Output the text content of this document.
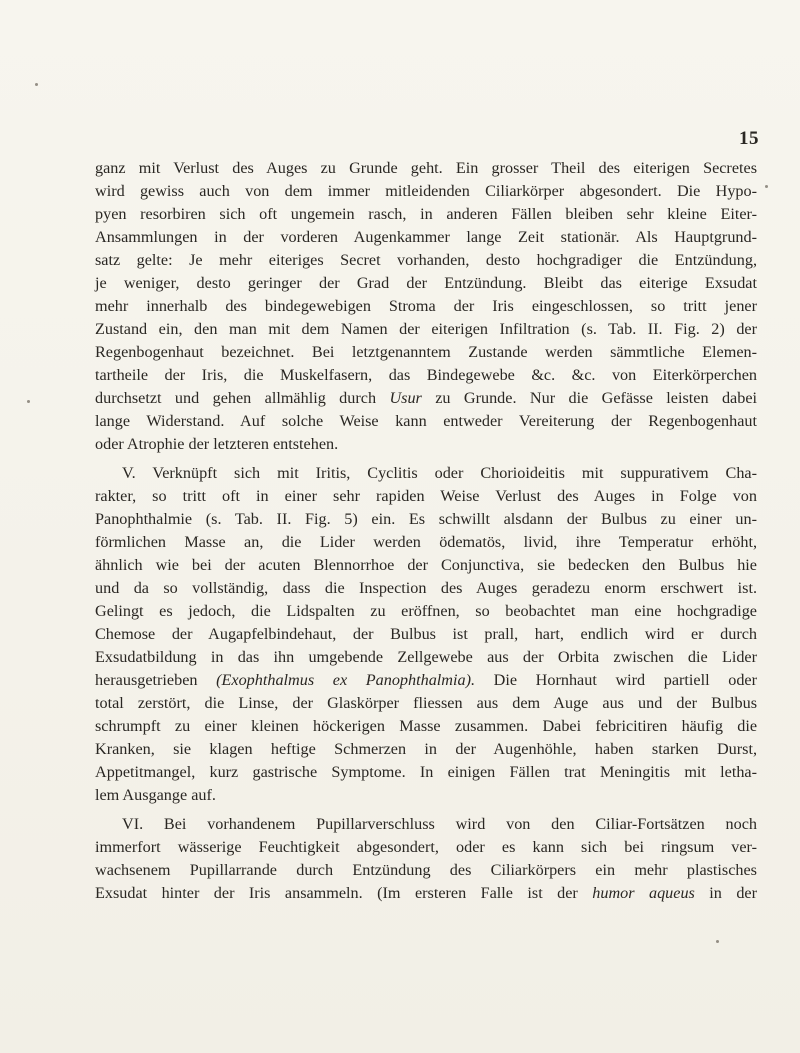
15
ganz mit Verlust des Auges zu Grunde geht. Ein grosser Theil des eiterigen Secretes
wird gewiss auch von dem immer mitleidenden Ciliarkörper abgesondert. Die Hypo-
pyen resorbiren sich oft ungemein rasch, in anderen Fällen bleiben sehr kleine Eiter-
Ansammlungen in der vorderen Augenkammer lange Zeit stationär. Als Hauptgrund-
satz gelte: Je mehr eiteriges Secret vorhanden, desto hochgradiger die Entzündung,
je weniger, desto geringer der Grad der Entzündung. Bleibt das eiterige Exsudat
mehr innerhalb des bindegewebigen Stroma der Iris eingeschlossen, so tritt jener
Zustand ein, den man mit dem Namen der eiterigen Infiltration (s. Tab. II. Fig. 2) der
Regenbogenhaut bezeichnet. Bei letztgenanntem Zustande werden sämmtliche Elemen-
tartheile der Iris, die Muskelfasern, das Bindegewebe &c. &c. von Eiterkörperchen
durchsetzt und gehen allmählig durch Usur zu Grunde. Nur die Gefässe leisten dabei
lange Widerstand. Auf solche Weise kann entweder Vereiterung der Regenbogenhaut
oder Atrophie der letzteren entstehen.
V. Verknüpft sich mit Iritis, Cyclitis oder Chorioideitis mit suppurativem Cha-
rakter, so tritt oft in einer sehr rapiden Weise Verlust des Auges in Folge von
Panophthalmie (s. Tab. II. Fig. 5) ein. Es schwillt alsdann der Bulbus zu einer un-
förmlichen Masse an, die Lider werden ödematös, livid, ihre Temperatur erhöht,
ähnlich wie bei der acuten Blennorrhoe der Conjunctiva, sie bedecken den Bulbus hie
und da so vollständig, dass die Inspection des Auges geradezu enorm erschwert ist.
Gelingt es jedoch, die Lidspalten zu eröffnen, so beobachtet man eine hochgradige
Chemose der Augapfelbindehaut, der Bulbus ist prall, hart, endlich wird er durch
Exsudatbildung in das ihn umgebende Zellgewebe aus der Orbita zwischen die Lider
herausgetrieben (Exophthalmus ex Panophthalmia). Die Hornhaut wird partiell oder
total zerstört, die Linse, der Glaskörper fliessen aus dem Auge aus und der Bulbus
schrumpft zu einer kleinen höckerigen Masse zusammen. Dabei febricitiren häufig die
Kranken, sie klagen heftige Schmerzen in der Augenhöhle, haben starken Durst,
Appetitmangel, kurz gastrische Symptome. In einigen Fällen trat Meningitis mit letha-
lem Ausgange auf.
VI. Bei vorhandenem Pupillarverschluss wird von den Ciliar-Fortsätzen noch
immerfort wässerige Feuchtigkeit abgesondert, oder es kann sich bei ringsum ver-
wachsenem Pupillarrande durch Entzündung des Ciliarkörpers ein mehr plastisches
Exsudat hinter der Iris ansammeln. (Im ersteren Falle ist der humor aqueus in der
